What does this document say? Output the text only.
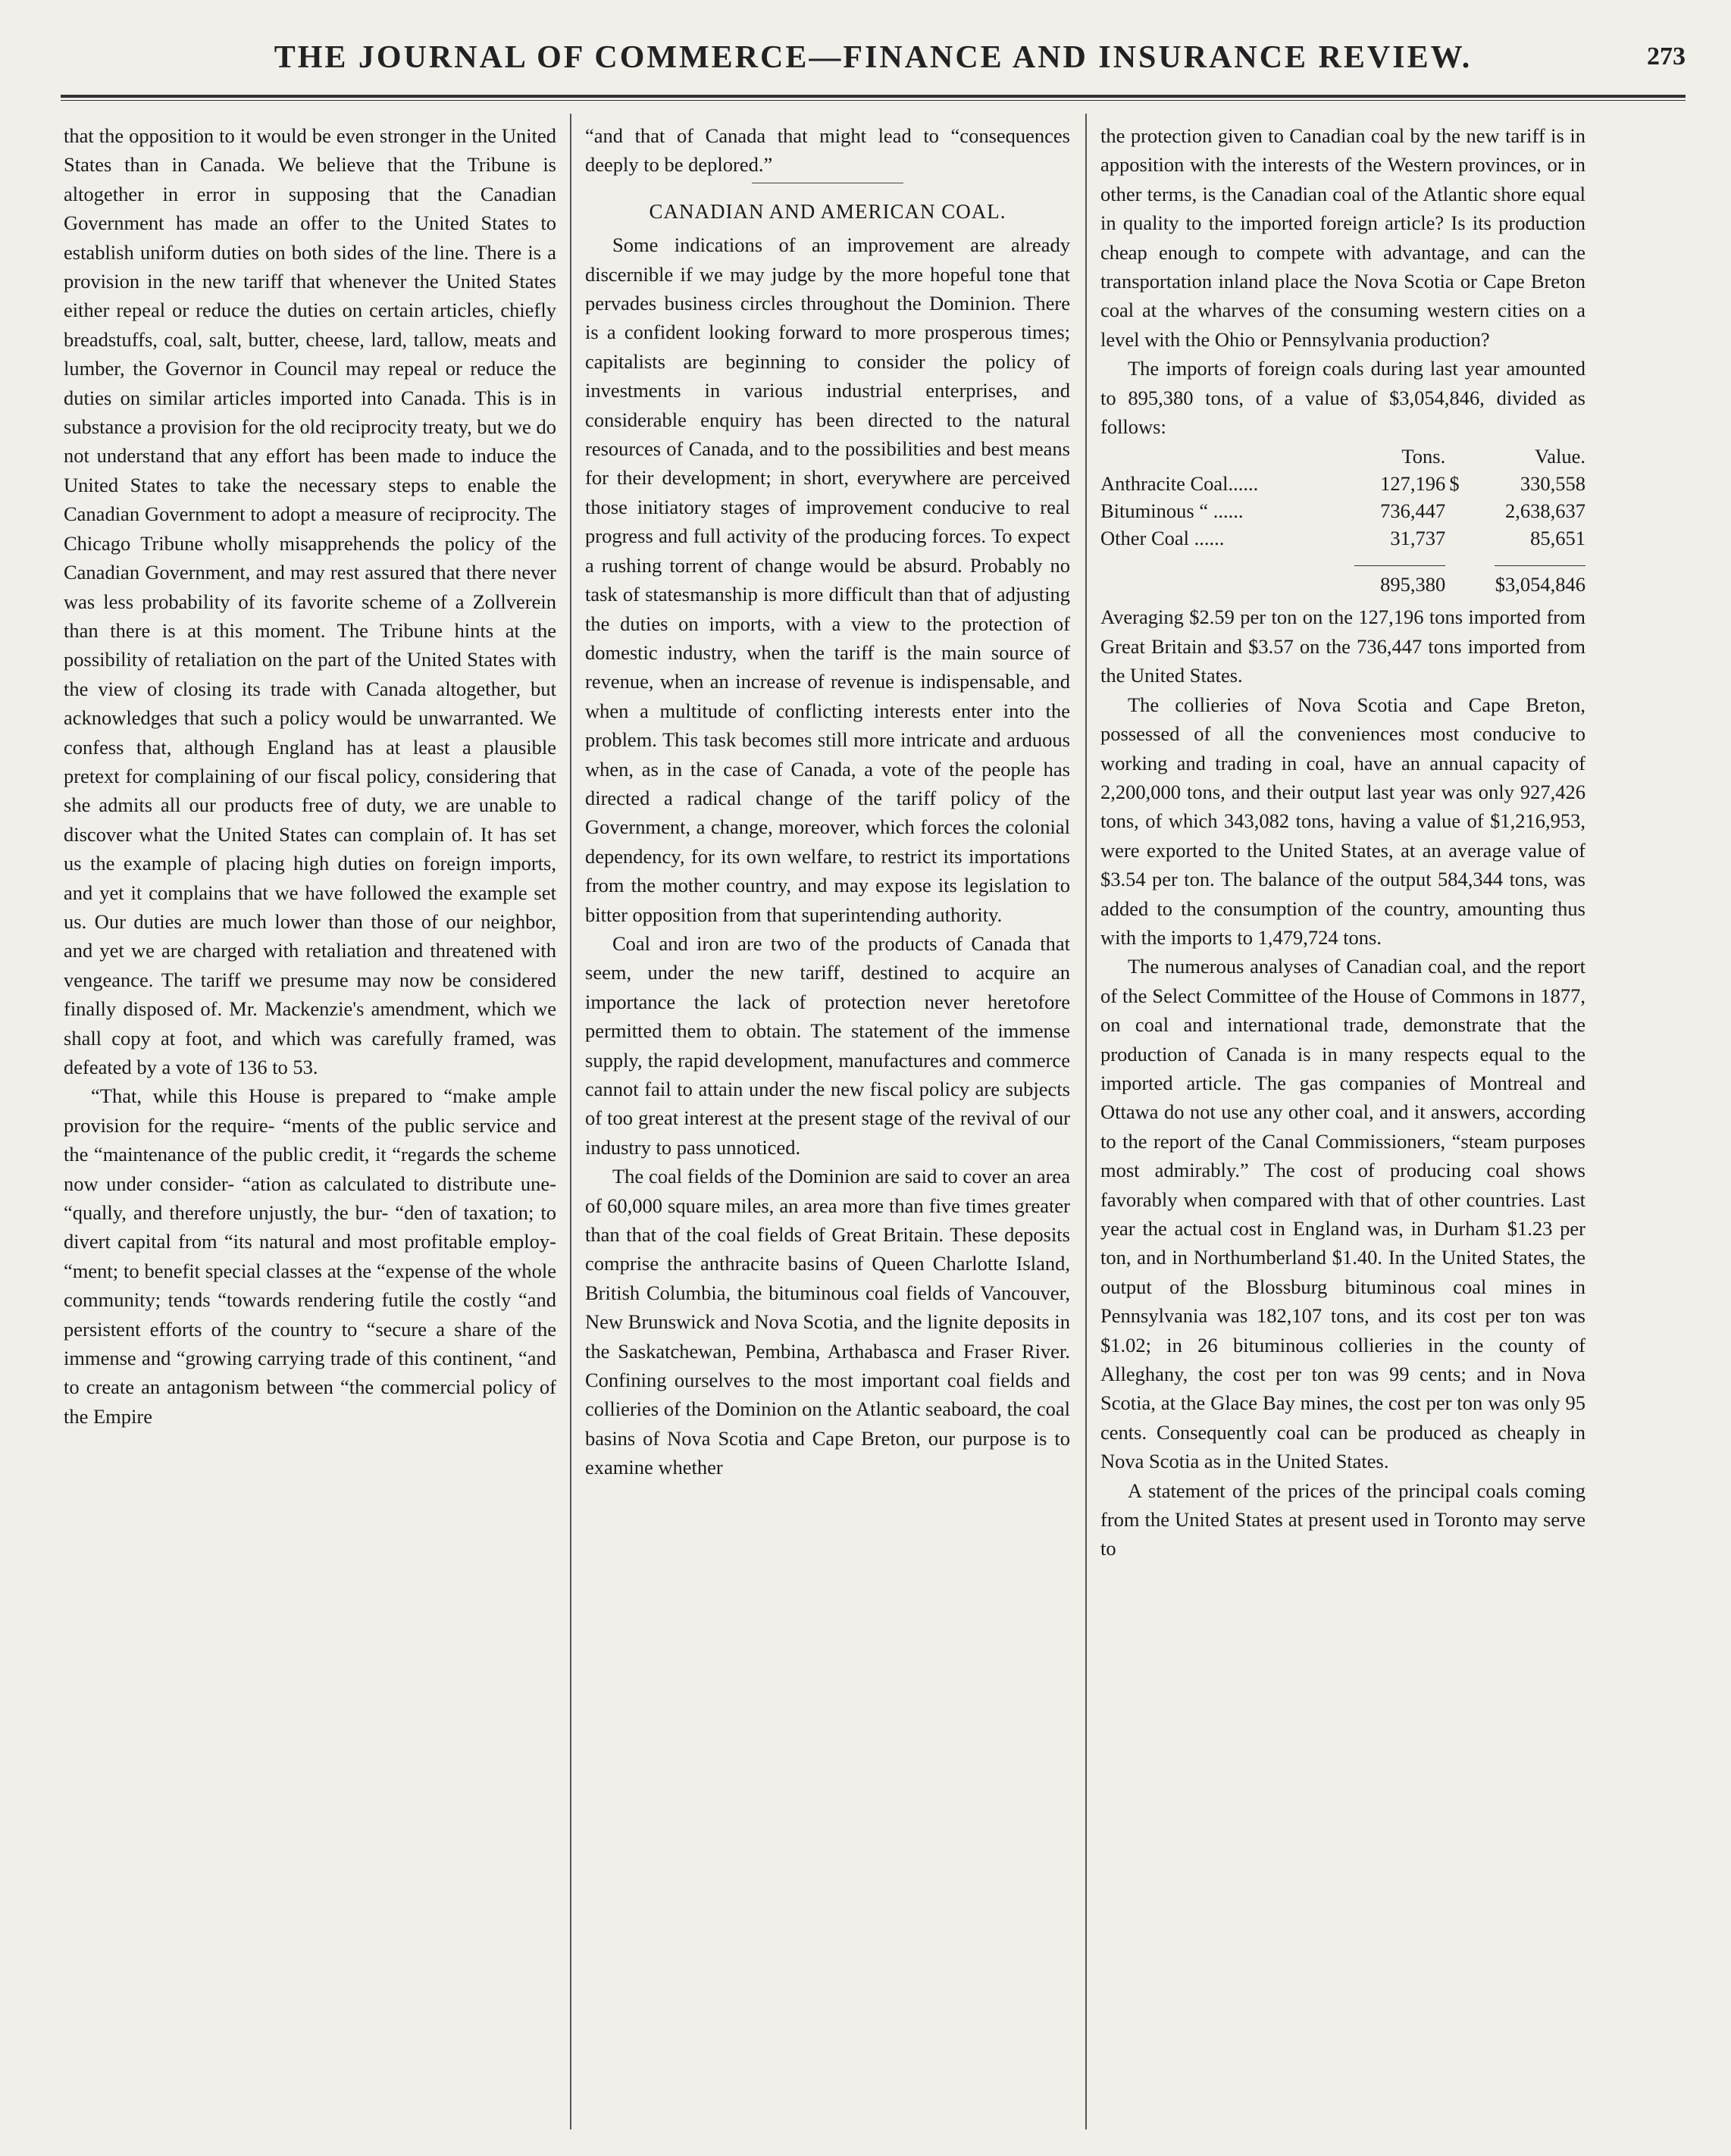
THE JOURNAL OF COMMERCE—FINANCE AND INSURANCE REVIEW.	273

that the opposition to it would be even stronger in the United States than in Canada. We believe that the Tribune is altogether in error in supposing that the Canadian Government has made an offer to the United States to establish uniform duties on both sides of the line. There is a provision in the new tariff that whenever the United States either repeal or reduce the duties on certain articles, chiefly breadstuffs, coal, salt, butter, cheese, lard, tallow, meats and lumber, the Governor in Council may repeal or reduce the duties on similar articles imported into Canada. This is in substance a provision for the old reciprocity treaty, but we do not understand that any effort has been made to induce the United States to take the necessary steps to enable the Canadian Government to adopt a measure of reciprocity. The Chicago Tribune wholly misapprehends the policy of the Canadian Government, and may rest assured that there never was less probability of its favorite scheme of a Zollverein than there is at this moment. The Tribune hints at the possibility of retaliation on the part of the United States with the view of closing its trade with Canada altogether, but acknowledges that such a policy would be unwarranted. We confess that, although England has at least a plausible pretext for complaining of our fiscal policy, considering that she admits all our products free of duty, we are unable to discover what the United States can complain of. It has set us the example of placing high duties on foreign imports, and yet it complains that we have followed the example set us. Our duties are much lower than those of our neighbor, and yet we are charged with retaliation and threatened with vengeance. The tariff we presume may now be considered finally disposed of. Mr. Mackenzie's amendment, which we shall copy at foot, and which was carefully framed, was defeated by a vote of 136 to 53.

“That, while this House is prepared to “make ample provision for the require- “ments of the public service and the “maintenance of the public credit, it “regards the scheme now under consider- “ation as calculated to distribute une- “qually, and therefore unjustly, the bur- “den of taxation; to divert capital from “its natural and most profitable employ- “ment; to benefit special classes at the “expense of the whole community; tends “towards rendering futile the costly “and persistent efforts of the country to “secure a share of the immense and “growing carrying trade of this continent, “and to create an antagonism between “the commercial policy of the Empire

“and that of Canada that might lead to “consequences deeply to be deplored.”

CANADIAN AND AMERICAN COAL.

Some indications of an improvement are already discernible if we may judge by the more hopeful tone that pervades business circles throughout the Dominion. There is a confident looking forward to more prosperous times; capitalists are beginning to consider the policy of investments in various industrial enterprises, and considerable enquiry has been directed to the natural resources of Canada, and to the possibilities and best means for their development; in short, everywhere are perceived those initiatory stages of improvement conducive to real progress and full activity of the producing forces. To expect a rushing torrent of change would be absurd. Probably no task of statesmanship is more difficult than that of adjusting the duties on imports, with a view to the protection of domestic industry, when the tariff is the main source of revenue, when an increase of revenue is indispensable, and when a multitude of conflicting interests enter into the problem. This task becomes still more intricate and arduous when, as in the case of Canada, a vote of the people has directed a radical change of the tariff policy of the Government, a change, moreover, which forces the colonial dependency, for its own welfare, to restrict its importations from the mother country, and may expose its legislation to bitter opposition from that superintending authority.

Coal and iron are two of the products of Canada that seem, under the new tariff, destined to acquire an importance the lack of protection never heretofore permitted them to obtain. The statement of the immense supply, the rapid development, manufactures and commerce cannot fail to attain under the new fiscal policy are subjects of too great interest at the present stage of the revival of our industry to pass unnoticed.

The coal fields of the Dominion are said to cover an area of 60,000 square miles, an area more than five times greater than that of the coal fields of Great Britain. These deposits comprise the anthracite basins of Queen Charlotte Island, British Columbia, the bituminous coal fields of Vancouver, New Brunswick and Nova Scotia, and the lignite deposits in the Saskatchewan, Pembina, Arthabasca and Fraser River. Confining ourselves to the most important coal fields and collieries of the Dominion on the Atlantic seaboard, the coal basins of Nova Scotia and Cape Breton, our purpose is to examine whether

the protection given to Canadian coal by the new tariff is in apposition with the interests of the Western provinces, or in other terms, is the Canadian coal of the Atlantic shore equal in quality to the imported foreign article? Is its production cheap enough to compete with advantage, and can the transportation inland place the Nova Scotia or Cape Breton coal at the wharves of the consuming western cities on a level with the Ohio or Pennsylvania production?

The imports of foreign coals during last year amounted to 895,380 tons, of a value of $3,054,846, divided as follows:

	Tons.		Value.
Anthracite Coal......	127,196	$	330,558
Bituminous “ ......	736,447		2,638,637
Other Coal ......	31,737		85,651
	895,380		$3,054,846

Averaging $2.59 per ton on the 127,196 tons imported from Great Britain and $3.57 on the 736,447 tons imported from the United States.

The collieries of Nova Scotia and Cape Breton, possessed of all the conveniences most conducive to working and trading in coal, have an annual capacity of 2,200,000 tons, and their output last year was only 927,426 tons, of which 343,082 tons, having a value of $1,216,953, were exported to the United States, at an average value of $3.54 per ton. The balance of the output 584,344 tons, was added to the consumption of the country, amounting thus with the imports to 1,479,724 tons.

The numerous analyses of Canadian coal, and the report of the Select Committee of the House of Commons in 1877, on coal and international trade, demonstrate that the production of Canada is in many respects equal to the imported article. The gas companies of Montreal and Ottawa do not use any other coal, and it answers, according to the report of the Canal Commissioners, “steam purposes most admirably.” The cost of producing coal shows favorably when compared with that of other countries. Last year the actual cost in England was, in Durham $1.23 per ton, and in Northumberland $1.40. In the United States, the output of the Blossburg bituminous coal mines in Pennsylvania was 182,107 tons, and its cost per ton was $1.02; in 26 bituminous collieries in the county of Alleghany, the cost per ton was 99 cents; and in Nova Scotia, at the Glace Bay mines, the cost per ton was only 95 cents. Consequently coal can be produced as cheaply in Nova Scotia as in the United States.

A statement of the prices of the principal coals coming from the United States at present used in Toronto may serve to
